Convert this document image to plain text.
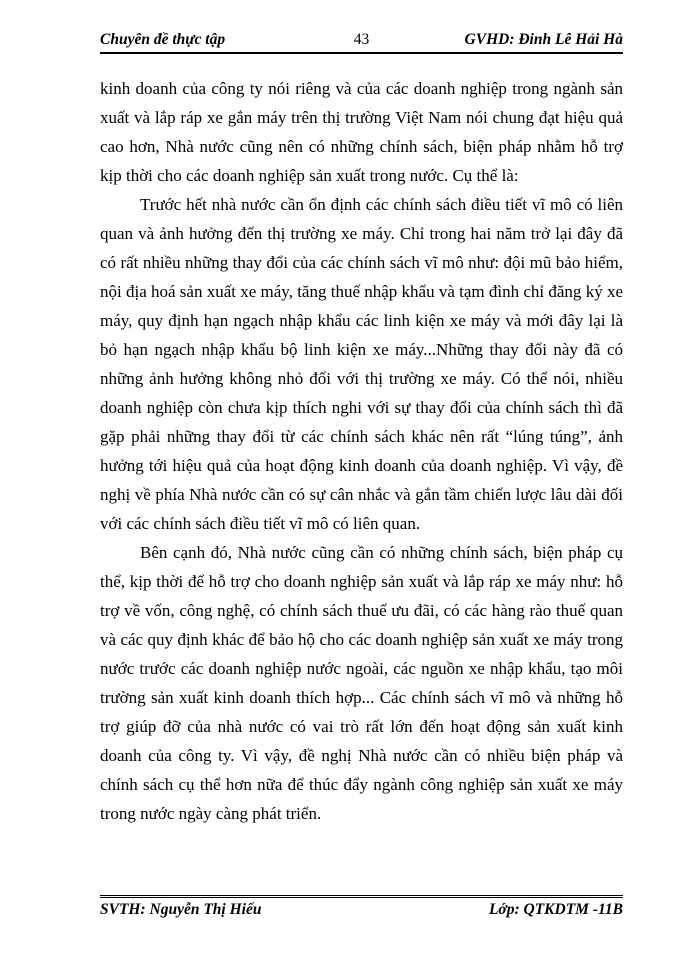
Chuyên đề thực tập	43	GVHD: Đinh Lê Hải Hà

kinh doanh của công ty nói riêng và của các doanh nghiệp trong ngành sản xuất và lắp ráp xe gắn máy trên thị trường Việt Nam nói chung đạt hiệu quả cao hơn, Nhà nước cũng nên có những chính sách, biện pháp nhằm hỗ trợ kịp thời cho các doanh nghiệp sản xuất trong nước. Cụ thể là:

Trước hết nhà nước cần ổn định các chính sách điều tiết vĩ mô có liên quan và ảnh hưởng đến thị trường xe máy. Chỉ trong hai năm trở lại đây đã có rất nhiều những thay đổi của các chính sách vĩ mô như: đội mũ bảo hiểm, nội địa hoá sản xuất xe máy, tăng thuế nhập khẩu và tạm đình chỉ đăng ký xe máy, quy định hạn ngạch nhập khẩu các linh kiện xe máy và mới đây lại là bỏ hạn ngạch nhập khẩu bộ linh kiện xe máy...Những thay đổi này đã có những ảnh hưởng không nhỏ đối với thị trường xe máy. Có thể nói, nhiều doanh nghiệp còn chưa kịp thích nghi với sự thay đổi của chính sách thì đã gặp phải những thay đổi từ các chính sách khác nên rất “lúng túng”, ảnh hưởng tới hiệu quả của hoạt động kinh doanh của doanh nghiệp. Vì vậy, đề nghị về phía Nhà nước cần có sự cân nhắc và gắn tầm chiến lược lâu dài đối với các chính sách điều tiết vĩ mô có liên quan.

Bên cạnh đó, Nhà nước cũng cần có những chính sách, biện pháp cụ thể, kịp thời để hỗ trợ cho doanh nghiệp sản xuất và lắp ráp xe máy như: hỗ trợ về vốn, công nghệ, có chính sách thuế ưu đãi, có các hàng rào thuế quan và các quy định khác để bảo hộ cho các doanh nghiệp sản xuất xe máy trong nước trước các doanh nghiệp nước ngoài, các nguồn xe nhập khẩu, tạo môi trường sản xuất kinh doanh thích hợp... Các chính sách vĩ mô và những hỗ trợ giúp đỡ của nhà nước có vai trò rất lớn đến hoạt động sản xuất kinh doanh của công ty. Vì vậy, đề nghị Nhà nước cần có nhiều biện pháp và chính sách cụ thể hơn nữa để thúc đẩy ngành công nghiệp sản xuất xe máy trong nước ngày càng phát triển.

SVTH: Nguyễn Thị Hiếu	Lớp: QTKDTM -11B
